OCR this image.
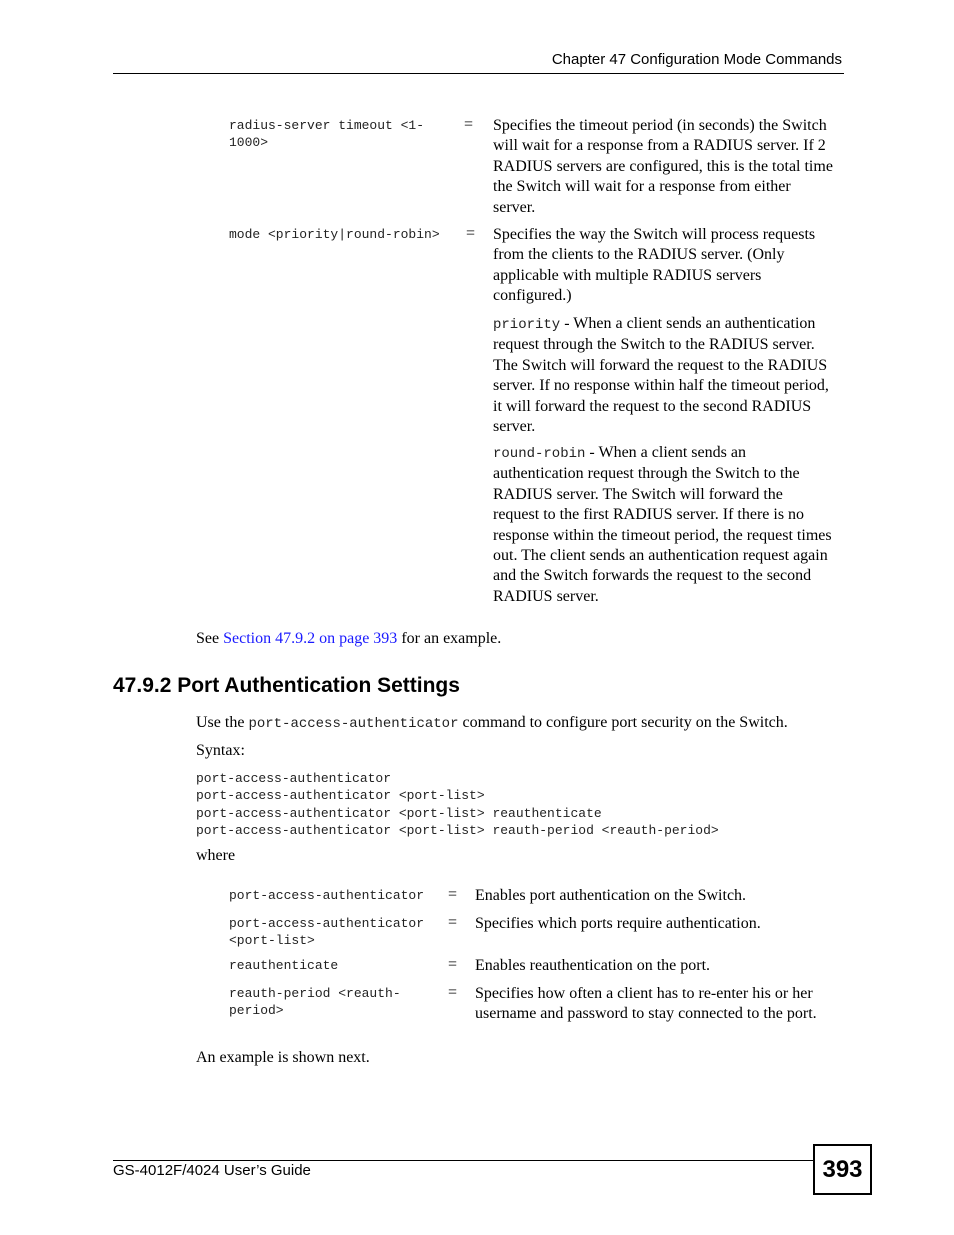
Chapter 47 Configuration Mode Commands
radius-server timeout <1-1000>
= Specifies the timeout period (in seconds) the Switch will wait for a response from a RADIUS server. If 2 RADIUS servers are configured, this is the total time the Switch will wait for a response from either server.
mode <priority|round-robin>	= Specifies the way the Switch will process requests from the clients to the RADIUS server. (Only applicable with multiple RADIUS servers configured.)
priority - When a client sends an authentication request through the Switch to the RADIUS server. The Switch will forward the request to the RADIUS server. If no response within half the timeout period, it will forward the request to the second RADIUS server.
round-robin - When a client sends an authentication request through the Switch to the RADIUS server. The Switch will forward the request to the first RADIUS server. If there is no response within the timeout period, the request times out. The client sends an authentication request again and the Switch forwards the request to the second RADIUS server.
See Section 47.9.2 on page 393 for an example.
47.9.2 Port Authentication Settings
Use the port-access-authenticator command to configure port security on the Switch.
Syntax:
port-access-authenticator
port-access-authenticator <port-list>
port-access-authenticator <port-list> reauthenticate
port-access-authenticator <port-list> reauth-period <reauth-period>
where
port-access-authenticator	= Enables port authentication on the Switch.
port-access-authenticator <port-list>
= Specifies which ports require authentication.
reauthenticate	= Enables reauthentication on the port.
reauth-period <reauth-period>
= Specifies how often a client has to re-enter his or her username and password to stay connected to the port.
An example is shown next.
GS-4012F/4024 User’s Guide	393
